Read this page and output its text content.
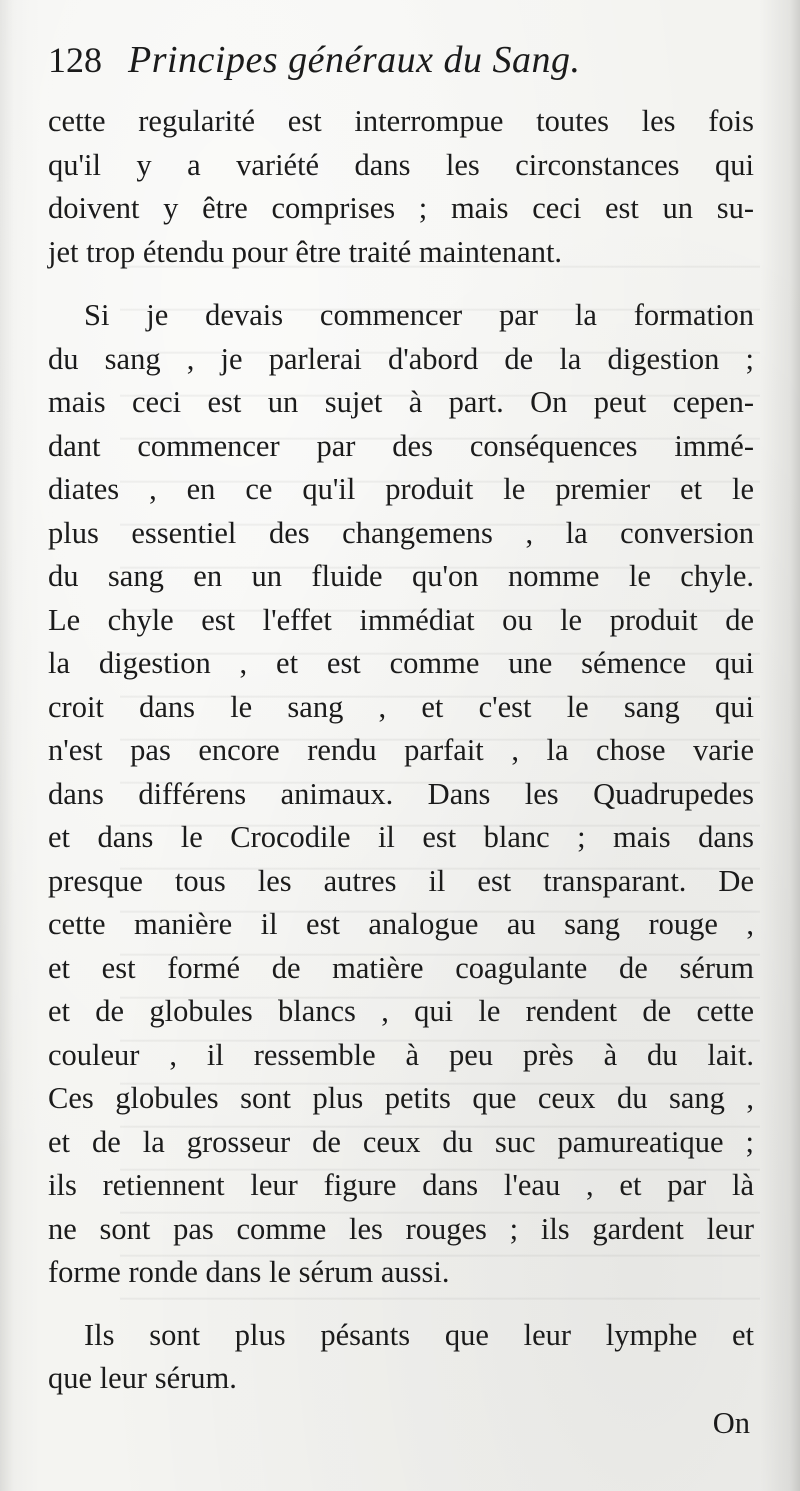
128 Principes généraux du Sang.
cette regularité est interrompue toutes les fois
qu'il y a variété dans les circonstances qui
doivent y être comprises ; mais ceci est un su-
jet trop étendu pour être traité maintenant.
Si je devais commencer par la formation
du sang , je parlerai d'abord de la digestion ;
mais ceci est un sujet à part. On peut cepen-
dant commencer par des conséquences immé-
diates , en ce qu'il produit le premier et le
plus essentiel des changemens , la conversion
du sang en un fluide qu'on nomme le chyle.
Le chyle est l'effet immédiat ou le produit de
la digestion , et est comme une sémence qui
croit dans le sang , et c'est le sang qui
n'est pas encore rendu parfait , la chose varie
dans différens animaux. Dans les Quadrupedes
et dans le Crocodile il est blanc ; mais dans
presque tous les autres il est transparant. De
cette manière il est analogue au sang rouge ,
et est formé de matière coagulante de sérum
et de globules blancs , qui le rendent de cette
couleur , il ressemble à peu près à du lait.
Ces globules sont plus petits que ceux du sang ,
et de la grosseur de ceux du suc pamureatique ;
ils retiennent leur figure dans l'eau , et par là
ne sont pas comme les rouges ; ils gardent leur
forme ronde dans le sérum aussi.
Ils sont plus pésants que leur lymphe et
que leur sérum.
On
